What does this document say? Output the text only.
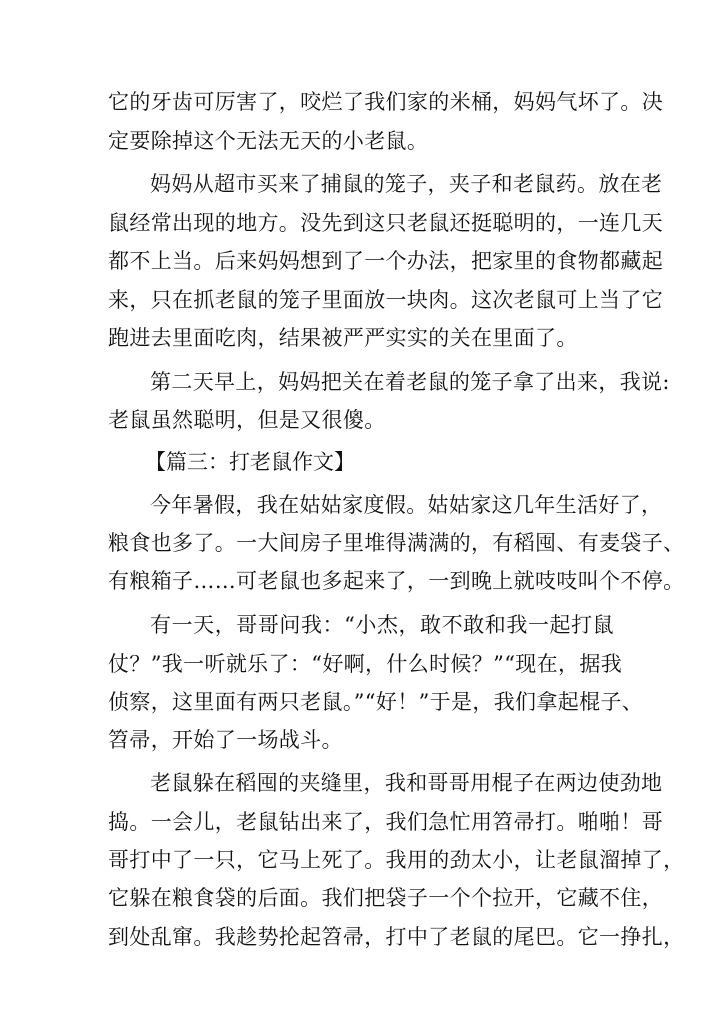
它的牙齿可厉害了，咬烂了我们家的米桶，妈妈气坏了。决
定要除掉这个无法无天的小老鼠。
妈妈从超市买来了捕鼠的笼子，夹子和老鼠药。放在老
鼠经常出现的地方。没先到这只老鼠还挺聪明的，一连几天
都不上当。后来妈妈想到了一个办法，把家里的食物都藏起
来，只在抓老鼠的笼子里面放一块肉。这次老鼠可上当了它
跑进去里面吃肉，结果被严严实实的关在里面了。
第二天早上，妈妈把关在着老鼠的笼子拿了出来，我说:
老鼠虽然聪明，但是又很傻。
【篇三：打老鼠作文】
今年暑假，我在姑姑家度假。姑姑家这几年生活好了，
粮食也多了。一大间房子里堆得满满的，有稻囤、有麦袋子、
有粮箱子……可老鼠也多起来了，一到晚上就吱吱叫个不停。
有一天，哥哥问我：“小杰，敢不敢和我一起打鼠
仗？”我一听就乐了：“好啊，什么时候？”“现在，据我
侦察，这里面有两只老鼠。”“好！”于是，我们拿起棍子、
笤帚，开始了一场战斗。
老鼠躲在稻囤的夹缝里，我和哥哥用棍子在两边使劲地
捣。一会儿，老鼠钻出来了，我们急忙用笤帚打。啪啪！哥
哥打中了一只，它马上死了。我用的劲太小，让老鼠溜掉了，
它躲在粮食袋的后面。我们把袋子一个个拉开，它藏不住，
到处乱窜。我趁势抡起笤帚，打中了老鼠的尾巴。它一挣扎，
